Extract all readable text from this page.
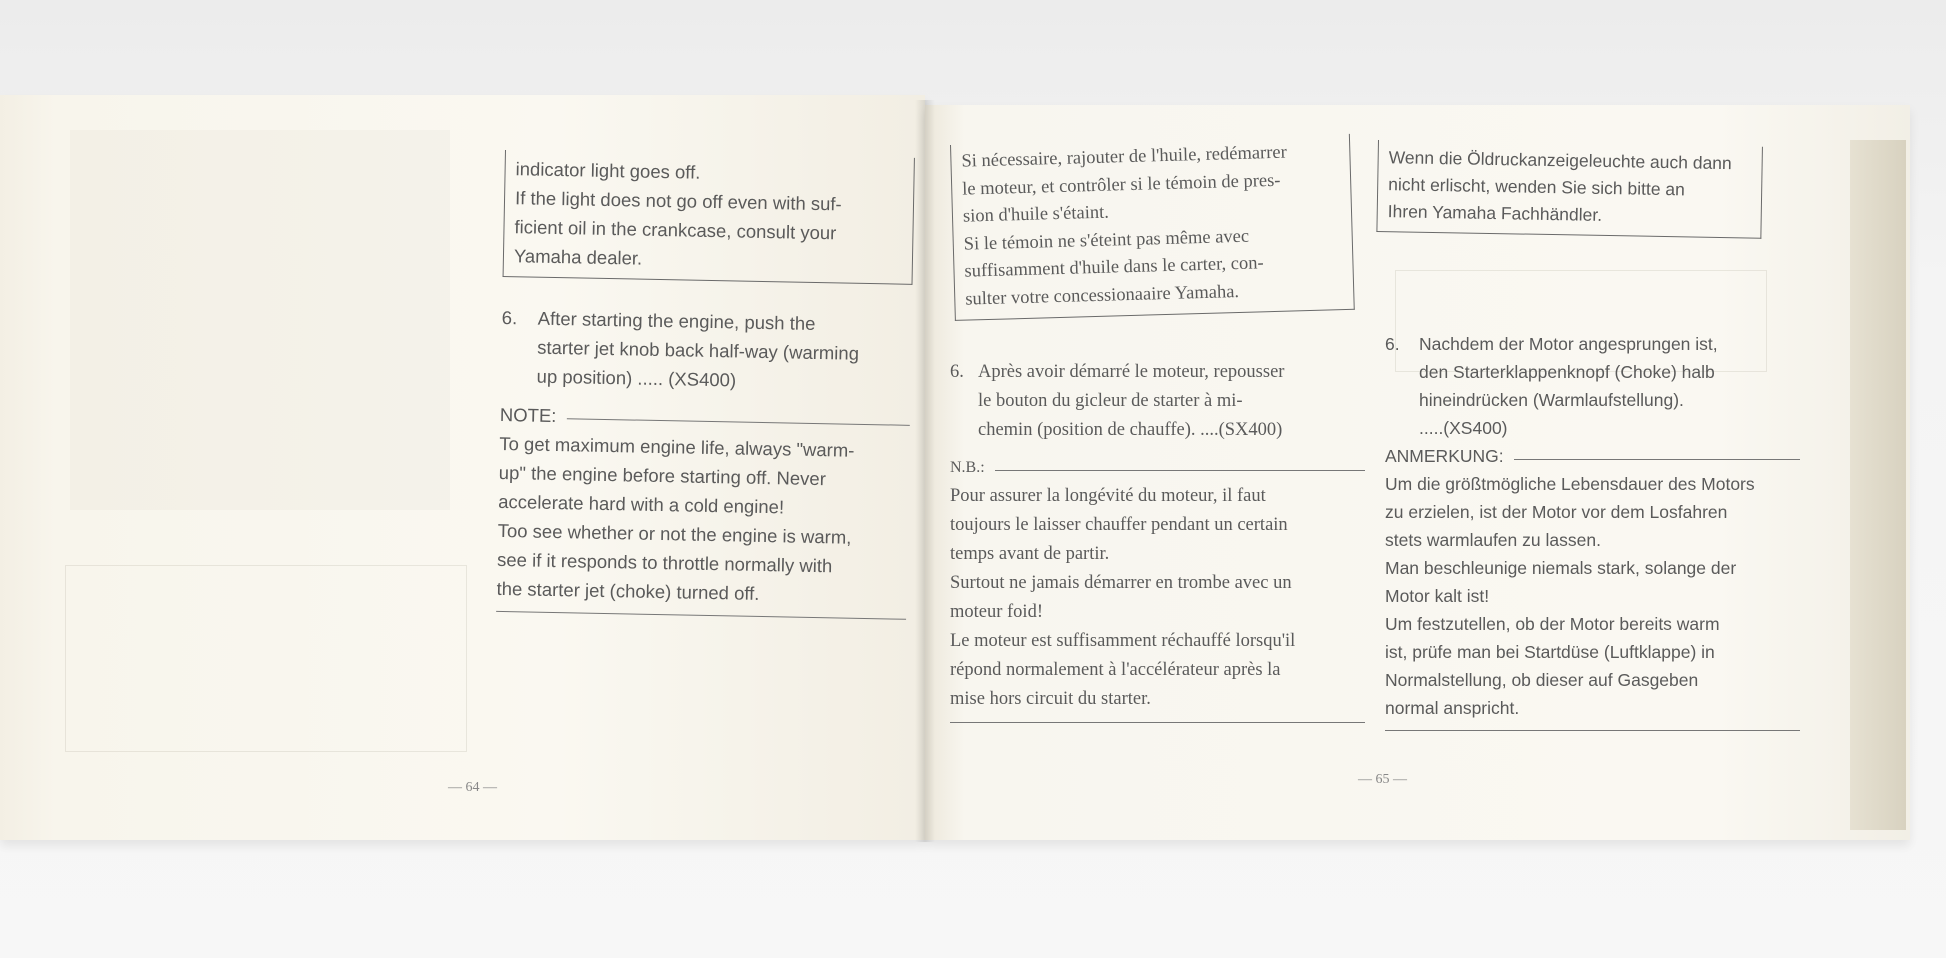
indicator light goes off.

If the light does not go off even with suf-

ficient oil in the crankcase, consult your

Yamaha dealer.

6.	After starting the engine, push the

starter jet knob back half-way (warming

up position) ..... (XS400)

NOTE:

To get maximum engine life, always "warm-

up" the engine before starting off. Never

accelerate hard with a cold engine!

Too see whether or not the engine is warm,

see if it responds to throttle normally with

the starter jet (choke) turned off.

Si nécessaire, rajouter de l'huile, redémarrer

le moteur, et contrôler si le témoin de pres-

sion d'huile s'étaint.

Si le témoin ne s'éteint pas même avec

suffisamment d'huile dans le carter, con-

sulter votre concessionaaire Yamaha.

6. Après avoir démarré le moteur, repousser

le bouton du gicleur de starter à mi-

chemin (position de chauffe). ....(SX400)

N.B.:

Pour assurer la longévité du moteur, il faut

toujours le laisser chauffer pendant un certain

temps avant de partir.

Surtout ne jamais démarrer en trombe avec un

moteur foid!

Le moteur est suffisamment réchauffé lorsqu'il

répond normalement à l'accélérateur après la

mise hors circuit du starter.

Wenn die Öldruckanzeigeleuchte auch dann

nicht erlischt, wenden Sie sich bitte an

Ihren Yamaha Fachhändler.

6.	Nachdem der Motor angesprungen ist,

den Starterklappenknopf (Choke) halb

hineindrücken (Warmlaufstellung).

.....(XS400)

ANMERKUNG:

Um die größtmögliche Lebensdauer des Motors

zu erzielen, ist der Motor vor dem Losfahren

stets warmlaufen zu lassen.

Man beschleunige niemals stark, solange der

Motor kalt ist!

Um festzutellen, ob der Motor bereits warm

ist, prüfe man bei Startdüse (Luftklappe) in

Normalstellung, ob dieser auf Gasgeben

normal anspricht.

— 64 —
— 65 —
